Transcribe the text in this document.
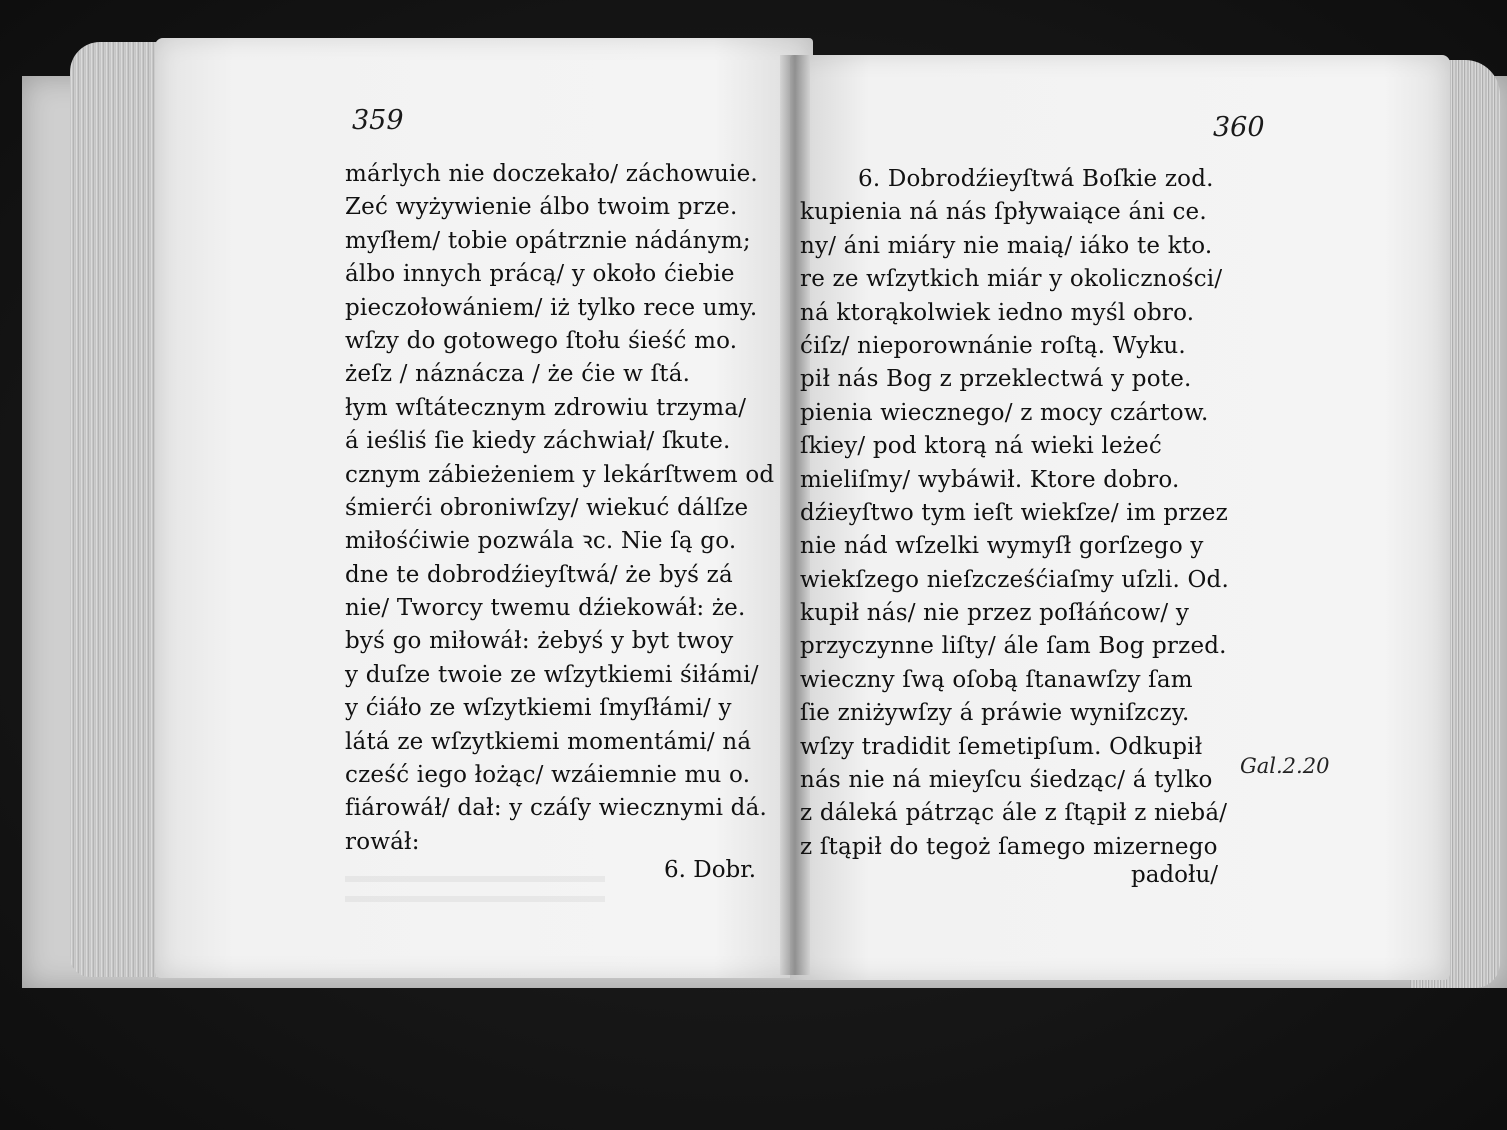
359
márlych nie doczekało/ záchowuie.
Zeć wyżywienie álbo twoim prze.
myſłem/ tobie opátrznie nádánym;
álbo innych prácą/ y około ćiebie
pieczołowániem/ iż tylko rece umy.
wſzy do gotowego ſtołu śieść mo.
żeſz / náznácza / że ćie w ſtá.
łym wſtátecznym zdrowiu trzyma/
á ieśliś ſie kiedy záchwiał/ ſkute.
cznym zábieżeniem y lekárſtwem od
śmierći obroniwſzy/ wiekuć dálſze
miłośćiwie pozwála ꝛc. Nie ſą go.
dne te dobrodźieyſtwá/ że byś zá
nie/ Tworcy twemu dźiekowáł: że.
byś go miłowáł: żebyś y byt twoy
y duſze twoie ze wſzytkiemi śiłámi/
y ćiáło ze wſzytkiemi ſmyſłámi/ y
látá ze wſzytkiemi momentámi/ ná
cześć iego łożąc/ wzáiemnie mu o.
fiárowáł/ dał: y czáſy wiecznymi dá.
rowáł:
6. Dobr.
360
6. Dobrodźieyſtwá Boſkie zod.
kupienia ná nás ſpływaiące áni ce.
ny/ áni miáry nie maią/ iáko te kto.
re ze wſzytkich miár y okoliczności/
ná ktorąkolwiek iedno myśl obro.
ćiſz/ nieporownánie roſtą. Wyku.
pił nás Bog z przeklectwá y pote.
pienia wiecznego/ z mocy czártow.
ſkiey/ pod ktorą ná wieki leżeć
mieliſmy/ wybáwił. Ktore dobro.
dźieyſtwo tym ieſt wiekſze/ im przez
nie nád wſzelki wymyſł gorſzego y
wiekſzego nieſzcześćiaſmy uſzli. Od.
kupił nás/ nie przez poſłáńcow/ y
przyczynne liſty/ ále ſam Bog przed.
wieczny ſwą oſobą ſtanawſzy ſam
ſie zniżywſzy á práwie wyniſzczy.
wſzy tradidit ſemetipſum. Odkupił
nás nie ná mieyſcu śiedząc/ á tylko
z dáleká pátrząc ále z ſtąpił z niebá/
z ſtąpił do tegoż ſamego mizernego
padołu/
Gal.2.20
